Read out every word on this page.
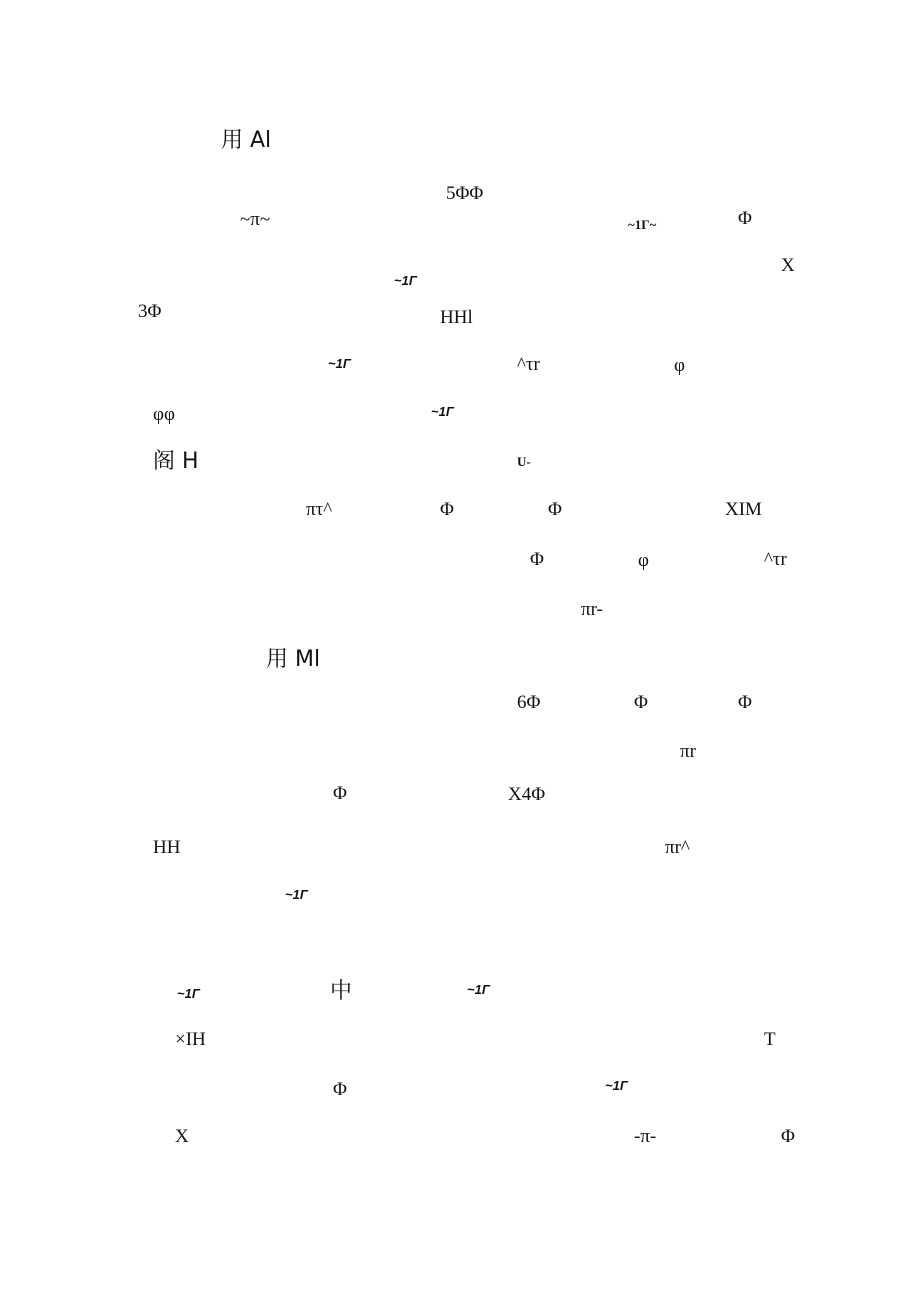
用 Al
5ΦΦ
~π~	~1Γ~	Φ
X
~1Γ
3Φ	HHl
~1Γ	^τr	φ
φφ	~1Γ
阁 H	U-
πτ^	Φ	Φ	XIM
Φ	φ	^τr
πr-
用 Ml
6Φ	Φ	Φ
πr
Φ	X4Φ
HH	πr^
~1Γ
~1Γ	中	~1Γ
×IH	T
Φ	~1Γ
X	-π-	Φ
